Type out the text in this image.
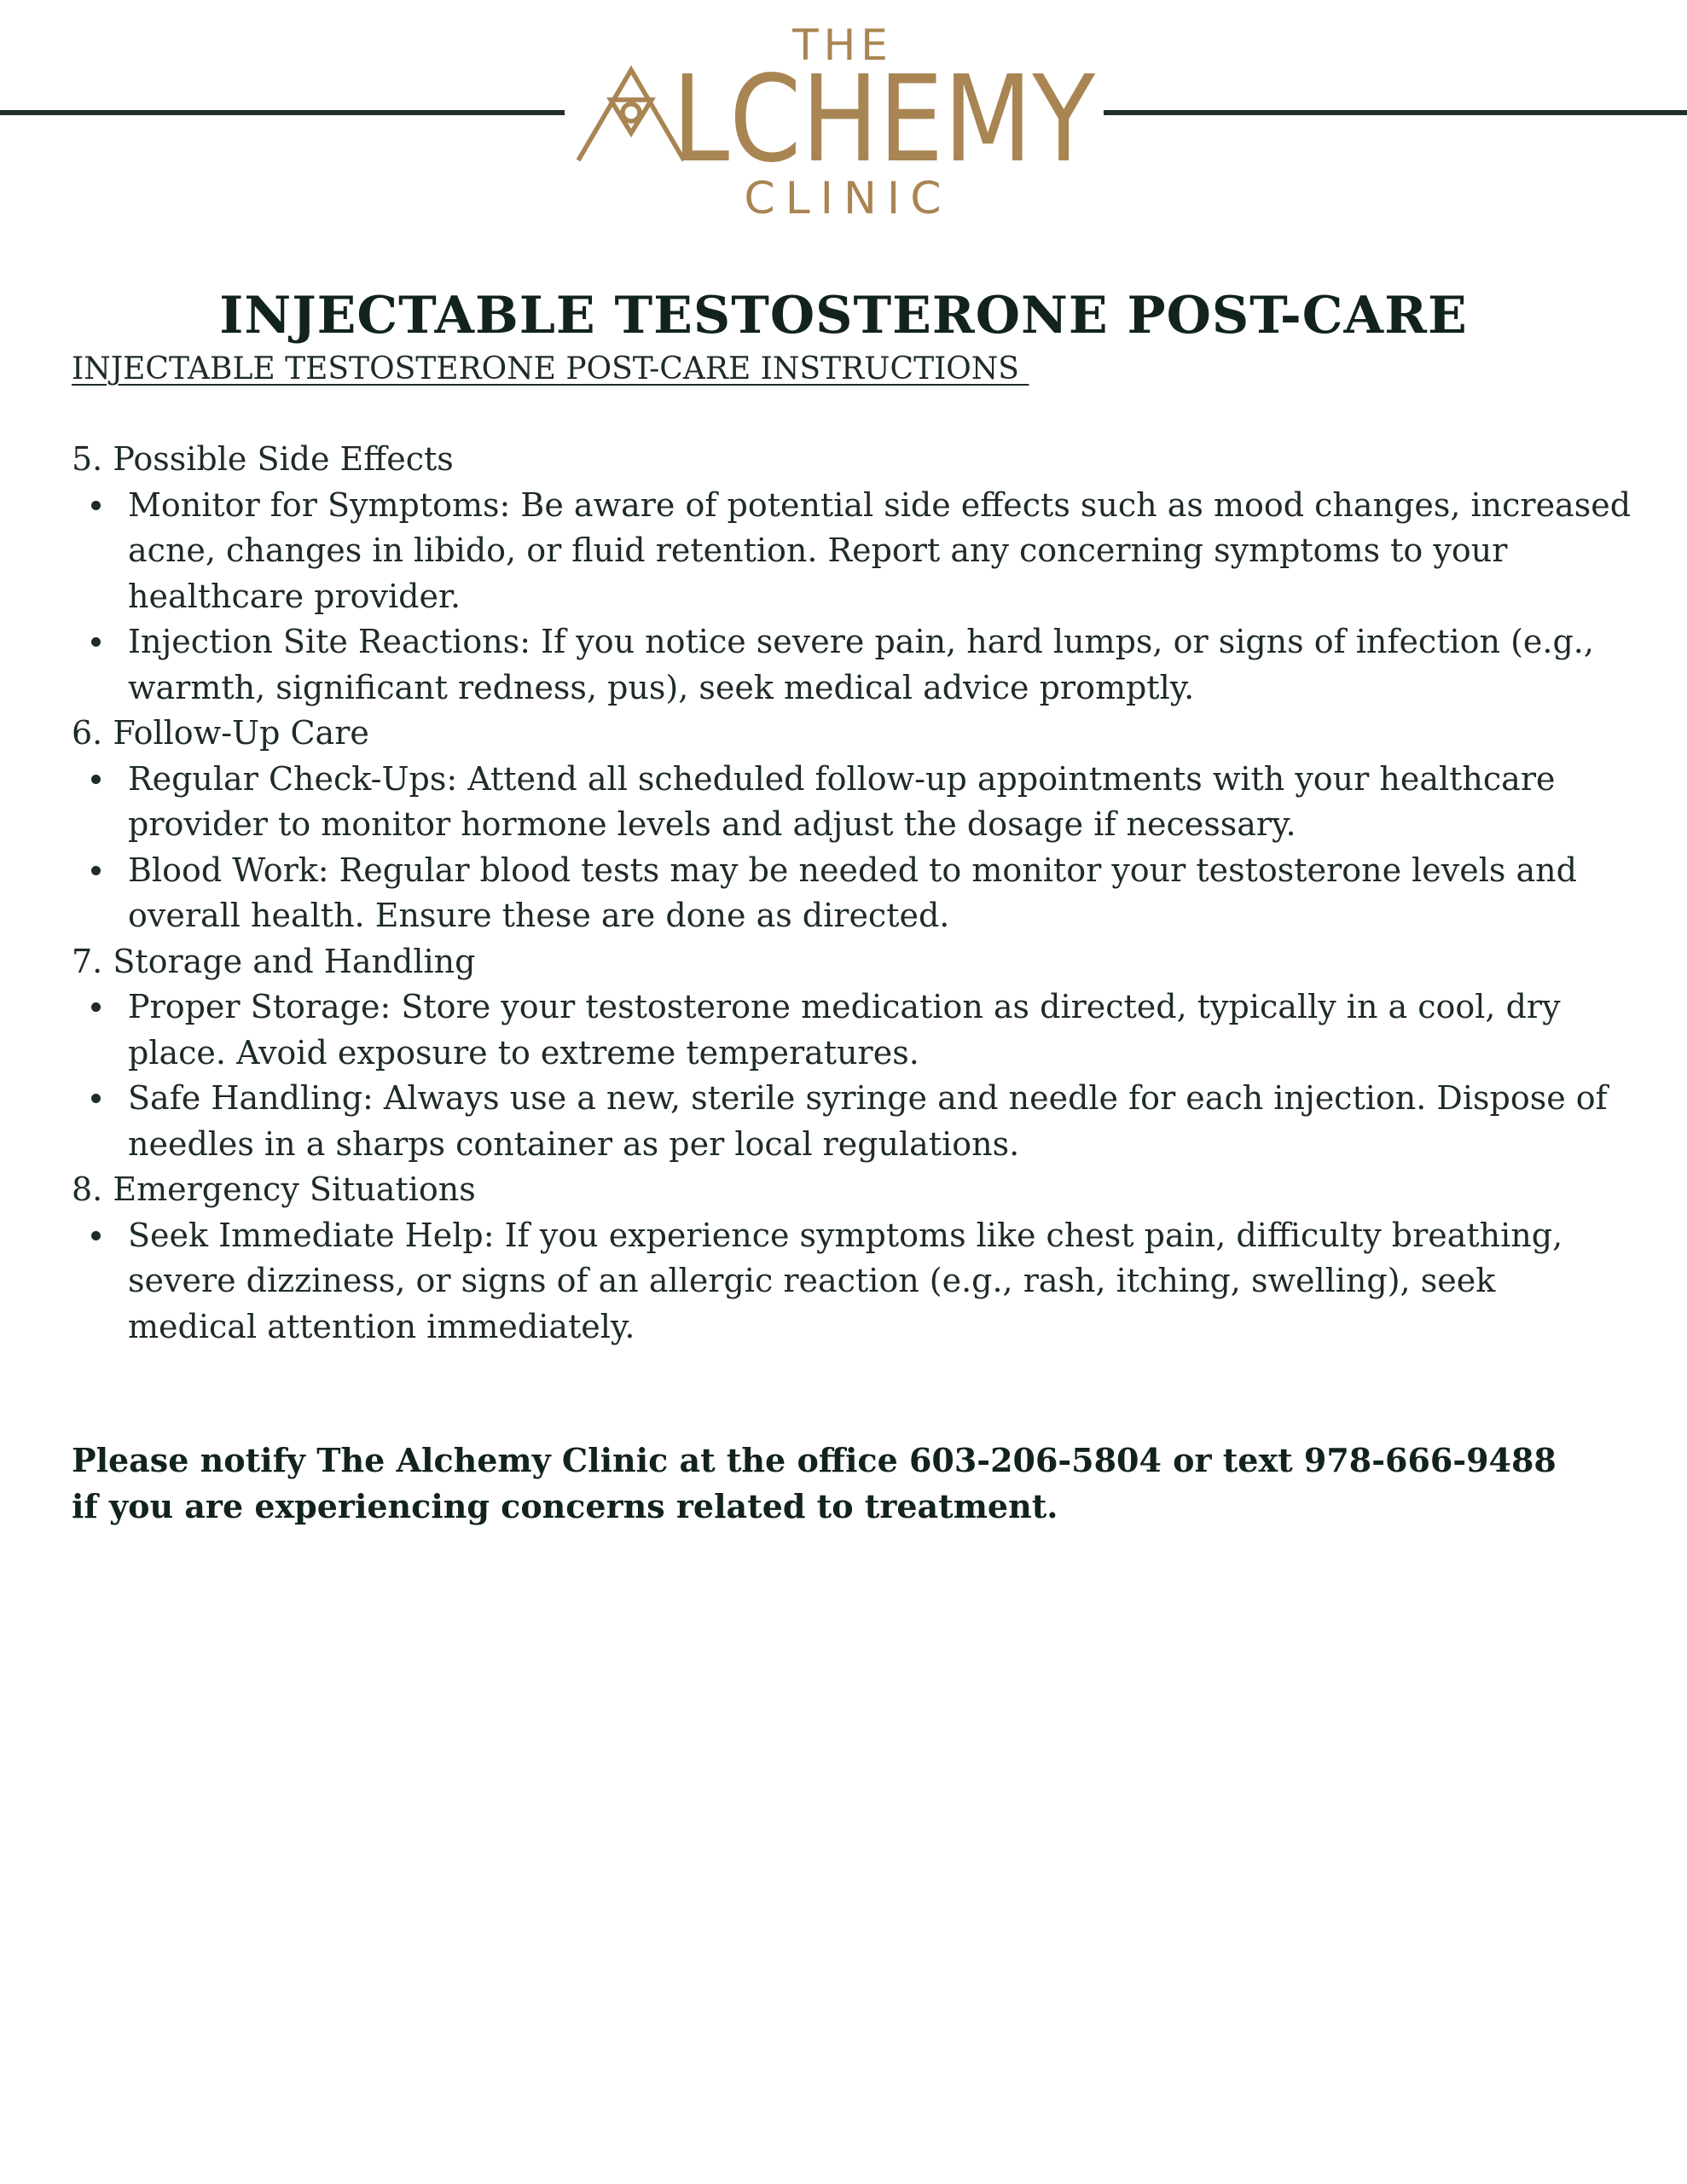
THE
LCHEMY
CLINIC
INJECTABLE TESTOSTERONE POST-CARE
INJECTABLE TESTOSTERONE POST-CARE INSTRUCTIONS
5. Possible Side Effects
Monitor for Symptoms: Be aware of potential side effects such as mood changes, increased acne, changes in libido, or fluid retention. Report any concerning symptoms to your healthcare provider.
Injection Site Reactions: If you notice severe pain, hard lumps, or signs of infection (e.g., warmth, significant redness, pus), seek medical advice promptly.
6. Follow-Up Care
Regular Check-Ups: Attend all scheduled follow-up appointments with your healthcare provider to monitor hormone levels and adjust the dosage if necessary.
Blood Work: Regular blood tests may be needed to monitor your testosterone levels and overall health. Ensure these are done as directed.
7. Storage and Handling
Proper Storage: Store your testosterone medication as directed, typically in a cool, dry place. Avoid exposure to extreme temperatures.
Safe Handling: Always use a new, sterile syringe and needle for each injection. Dispose of needles in a sharps container as per local regulations.
8. Emergency Situations
Seek Immediate Help: If you experience symptoms like chest pain, difficulty breathing, severe dizziness, or signs of an allergic reaction (e.g., rash, itching, swelling), seek medical attention immediately.
Please notify The Alchemy Clinic at the office 603-206-5804 or text 978-666-9488 if you are experiencing concerns related to treatment.
